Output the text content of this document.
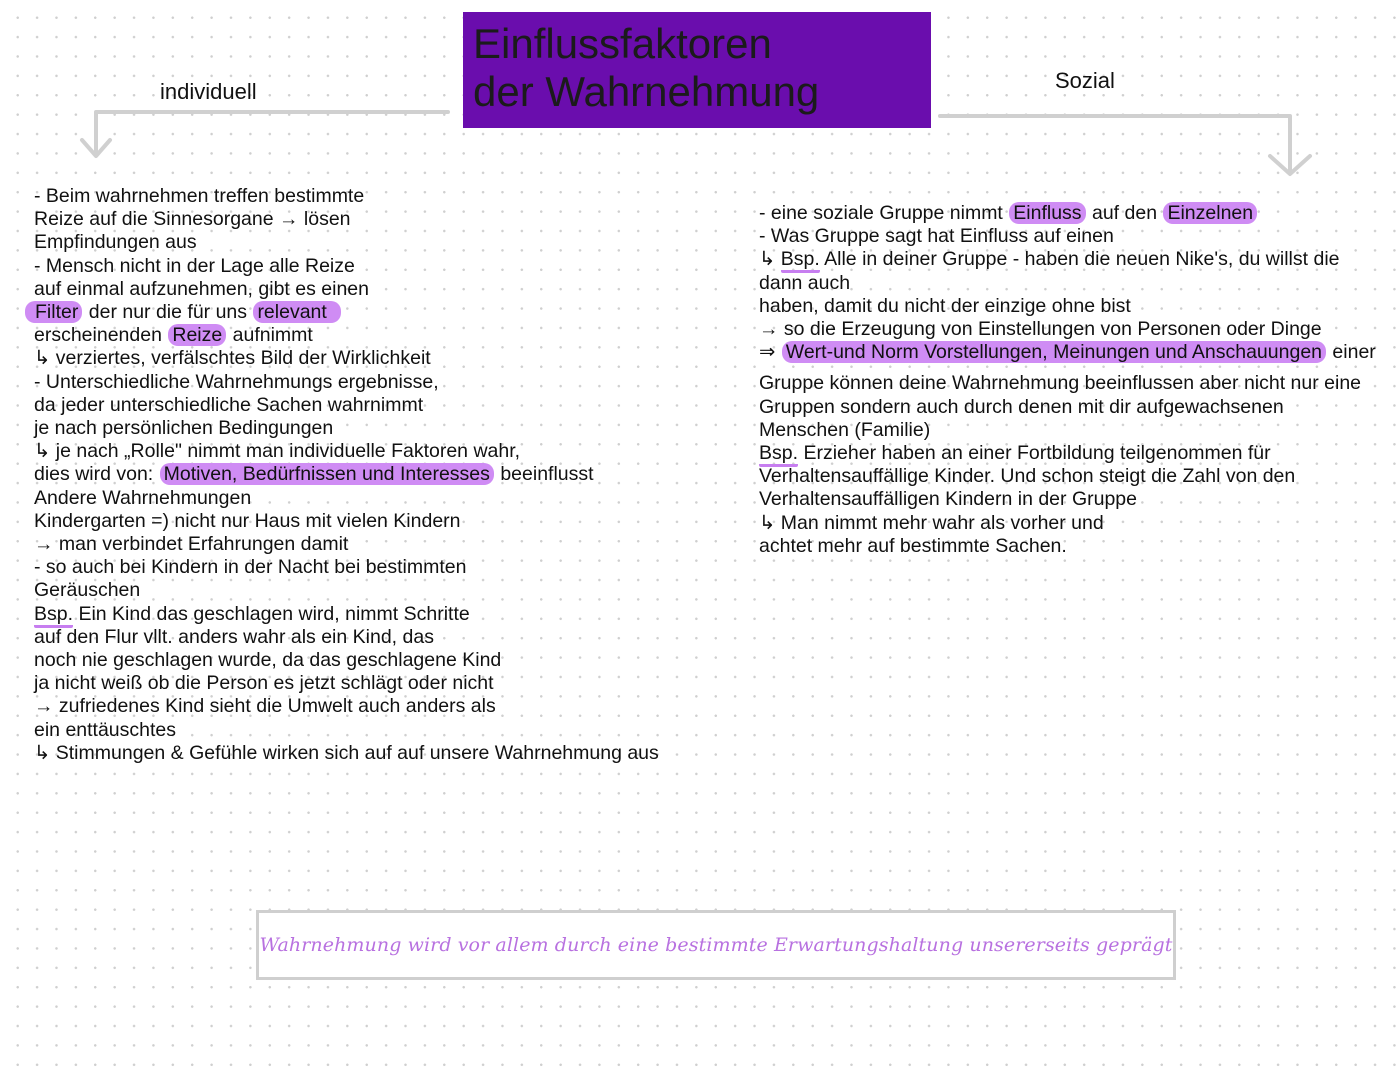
Einflussfaktoren
der Wahrnehmung
individuell	Sozial
- Beim wahrnehmen treffen bestimmte
Reize auf die Sinnesorgane → lösen
Empfindungen aus
- Mensch nicht in der Lage alle Reize
auf einmal aufzunehmen, gibt es einen
Filter der nur die für uns relevant
erscheinenden Reize aufnimmt
↳ verziertes, verfälschtes Bild der Wirklichkeit
- Unterschiedliche Wahrnehmungs ergebnisse,
da jeder unterschiedliche Sachen wahrnimmt
je nach persönlichen Bedingungen
↳ je nach „Rolle" nimmt man individuelle Faktoren wahr,
dies wird von: Motiven, Bedürfnissen und Interesses beeinflusst
Andere Wahrnehmungen
Kindergarten =) nicht nur Haus mit vielen Kindern
→ man verbindet Erfahrungen damit
- so auch bei Kindern in der Nacht bei bestimmten
Geräuschen
Bsp. Ein Kind das geschlagen wird, nimmt Schritte
auf den Flur vllt. anders wahr als ein Kind, das
noch nie geschlagen wurde, da das geschlagene Kind
ja nicht weiß ob die Person es jetzt schlägt oder nicht
→ zufriedenes Kind sieht die Umwelt auch anders als
ein enttäuschtes
↳ Stimmungen & Gefühle wirken sich auf auf unsere Wahrnehmung aus
- eine soziale Gruppe nimmt Einfluss auf den Einzelnen
- Was Gruppe sagt hat Einfluss auf einen
↳ Bsp. Alle in deiner Gruppe - haben die neuen Nike's, du willst die
dann auch
haben, damit du nicht der einzige ohne bist
→ so die Erzeugung von Einstellungen von Personen oder Dinge
⇒ Wert-und Norm Vorstellungen, Meinungen und Anschauungen einer
Gruppe können deine Wahrnehmung beeinflussen aber nicht nur eine
Gruppen sondern auch durch denen mit dir aufgewachsenen
Menschen (Familie)
Bsp. Erzieher haben an einer Fortbildung teilgenommen für
Verhaltensauffällige Kinder. Und schon steigt die Zahl von den
Verhaltensauffälligen Kindern in der Gruppe
↳ Man nimmt mehr wahr als vorher und
achtet mehr auf bestimmte Sachen.
Wahrnehmung wird vor allem durch eine bestimmte Erwartungshaltung unsererseits geprägt
